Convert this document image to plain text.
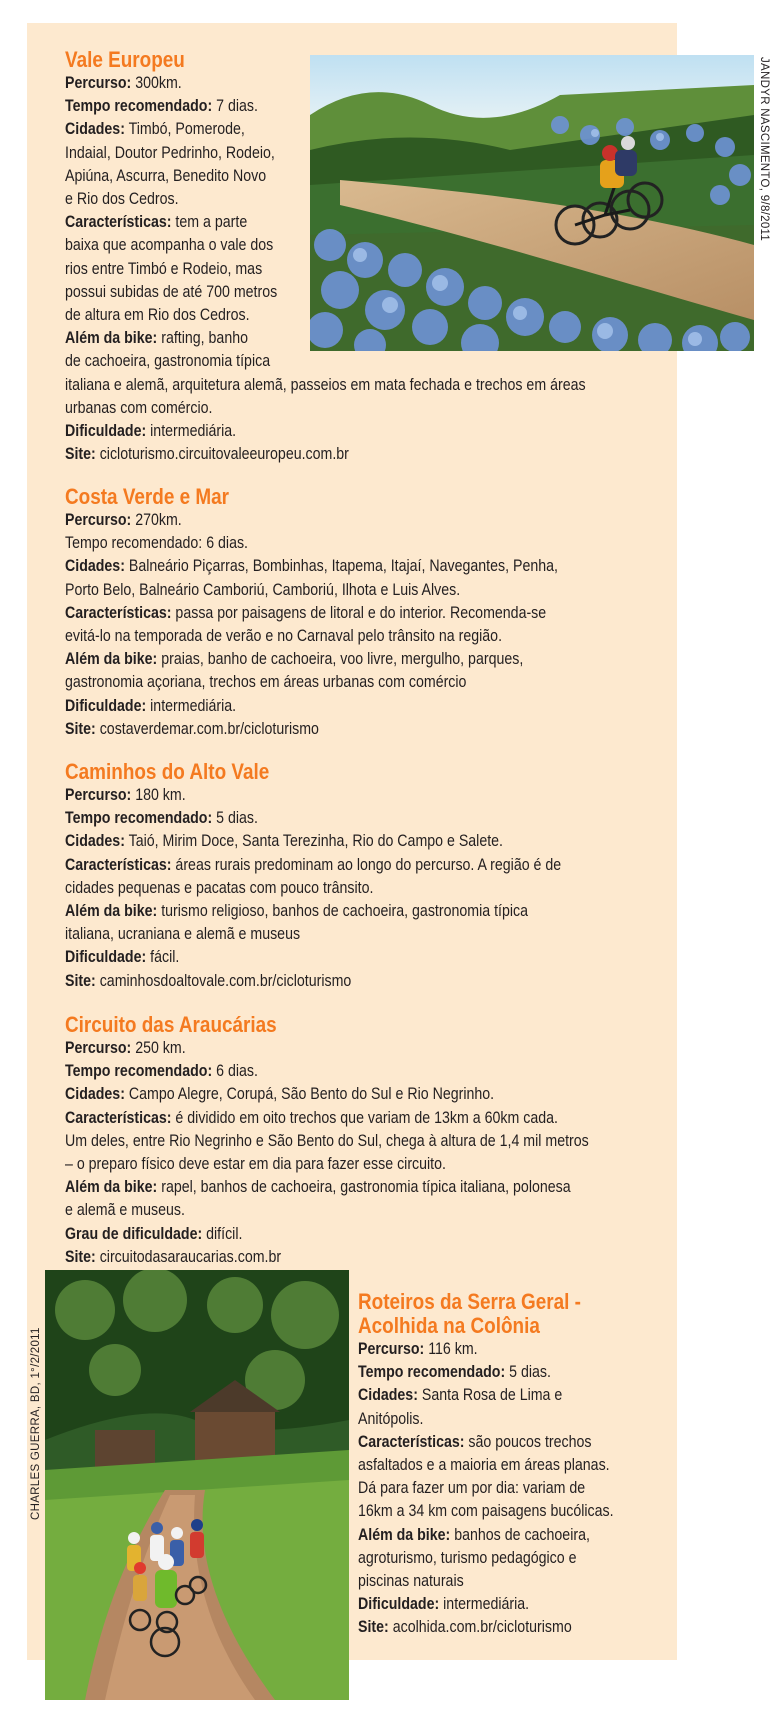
JANDYR NASCIMENTO, 9/8/2011
CHARLES GUERRA, BD, 1°/2/2011
Vale Europeu

Percurso: 300km.

Tempo recomendado: 7 dias.

Cidades: Timbó, Pomerode,

Indaial, Doutor Pedrinho, Rodeio,

Apiúna, Ascurra, Benedito Novo

e Rio dos Cedros.

Características: tem a parte

baixa que acompanha o vale dos

rios entre Timbó e Rodeio, mas

possui subidas de até 700 metros

de altura em Rio dos Cedros.

Além da bike: rafting, banho

de cachoeira, gastronomia típica

italiana e alemã, arquitetura alemã, passeios em mata fechada e trechos em áreas

urbanas com comércio.

Dificuldade: intermediária.

Site: cicloturismo.circuitovaleeuropeu.com.br

Costa Verde e Mar

Percurso: 270km.

Tempo recomendado: 6 dias.

Cidades: Balneário Piçarras, Bombinhas, Itapema, Itajaí, Navegantes, Penha,

Porto Belo, Balneário Camboriú, Camboriú, Ilhota e Luis Alves.

Características: passa por paisagens de litoral e do interior. Recomenda-se

evitá-lo na temporada de verão e no Carnaval pelo trânsito na região.

Além da bike: praias, banho de cachoeira, voo livre, mergulho, parques,

gastronomia açoriana, trechos em áreas urbanas com comércio

Dificuldade: intermediária.

Site: costaverdemar.com.br/cicloturismo

Caminhos do Alto Vale

Percurso: 180 km.

Tempo recomendado: 5 dias.

Cidades: Taió, Mirim Doce, Santa Terezinha, Rio do Campo e Salete.

Características: áreas rurais predominam ao longo do percurso. A região é de

cidades pequenas e pacatas com pouco trânsito.

Além da bike: turismo religioso, banhos de cachoeira, gastronomia típica

italiana, ucraniana e alemã e museus

Dificuldade: fácil.

Site: caminhosdoaltovale.com.br/cicloturismo

Circuito das Araucárias

Percurso: 250 km.

Tempo recomendado: 6 dias.

Cidades: Campo Alegre, Corupá, São Bento do Sul e Rio Negrinho.

Características: é dividido em oito trechos que variam de 13km a 60km cada.

Um deles, entre Rio Negrinho e São Bento do Sul, chega à altura de 1,4 mil metros

– o preparo físico deve estar em dia para fazer esse circuito.

Além da bike: rapel, banhos de cachoeira, gastronomia típica italiana, polonesa

e alemã e museus.

Grau de dificuldade: difícil.

Site: circuitodasaraucarias.com.br

Roteiros da Serra Geral - Acolhida na Colônia

Percurso: 116 km.

Tempo recomendado: 5 dias.

Cidades: Santa Rosa de Lima e

Anitópolis.

Características: são poucos trechos

asfaltados e a maioria em áreas planas.

Dá para fazer um por dia: variam de

16km a 34 km com paisagens bucólicas.

Além da bike: banhos de cachoeira,

agroturismo, turismo pedagógico e

piscinas naturais

Dificuldade: intermediária.

Site: acolhida.com.br/cicloturismo
